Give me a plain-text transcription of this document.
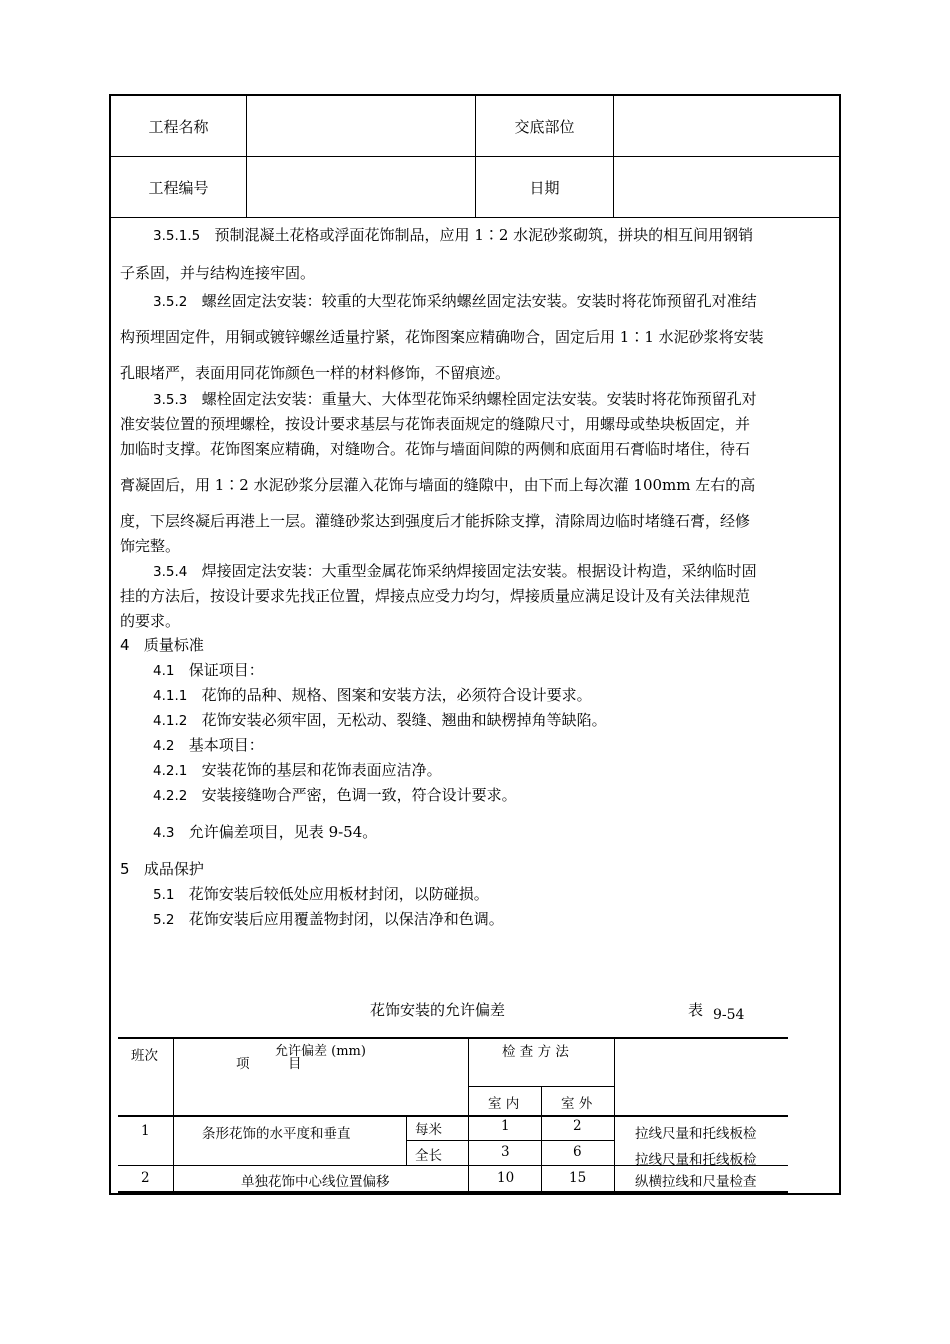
工程名称		交底部位	
工程编号		日期	
3.5.1.5 预制混凝土花格或浮面花饰制品，应用 1∶2 水泥砂浆砌筑，拼块的相互间用钢销
子系固，并与结构连接牢固。
3.5.2 螺丝固定法安装：较重的大型花饰采纳螺丝固定法安装。安装时将花饰预留孔对准结
构预埋固定件，用铜或镀锌螺丝适量拧紧，花饰图案应精确吻合，固定后用 1∶1 水泥砂浆将安装
孔眼堵严，表面用同花饰颜色一样的材料修饰，不留痕迹。
3.5.3 螺栓固定法安装：重量大、大体型花饰采纳螺栓固定法安装。安装时将花饰预留孔对
准安装位置的预埋螺栓，按设计要求基层与花饰表面规定的缝隙尺寸，用螺母或垫块板固定，并
加临时支撑。花饰图案应精确，对缝吻合。花饰与墙面间隙的两侧和底面用石膏临时堵住，待石
膏凝固后，用 1∶2 水泥砂浆分层灌入花饰与墙面的缝隙中，由下而上每次灌 100mm 左右的高
度，下层终凝后再港上一层。灌缝砂浆达到强度后才能拆除支撑，清除周边临时堵缝石膏，经修
饰完整。
3.5.4 焊接固定法安装：大重型金属花饰采纳焊接固定法安装。根据设计构造，采纳临时固
挂的方法后，按设计要求先找正位置，焊接点应受力均匀，焊接质量应满足设计及有关法律规范
的要求。
4 质量标准
4.1 保证项目：
4.1.1 花饰的品种、规格、图案和安装方法，必须符合设计要求。
4.1.2 花饰安装必须牢固，无松动、裂缝、翘曲和缺楞掉角等缺陷。
4.2 基本项目：
4.2.1 安装花饰的基层和花饰表面应洁净。
4.2.2 安装接缝吻合严密，色调一致，符合设计要求。
4.3 允许偏差项目，见表 9-54。
5 成品保护
5.1 花饰安装后较低处应用板材封闭，以防碰损。
5.2 花饰安装后应用覆盖物封闭，以保洁净和色调。
花饰安装的允许偏差	表 9-54
班次	允许偏差 (mm)
项	目
检 查 方 法
室 内	室 外
1	条形花饰的水平度和垂直	每米	1	2	拉线尺量和托线板检
全长	3	6	拉线尺量和托线板检
2	单独花饰中心线位置偏移	10	15	纵横拉线和尺量检查
